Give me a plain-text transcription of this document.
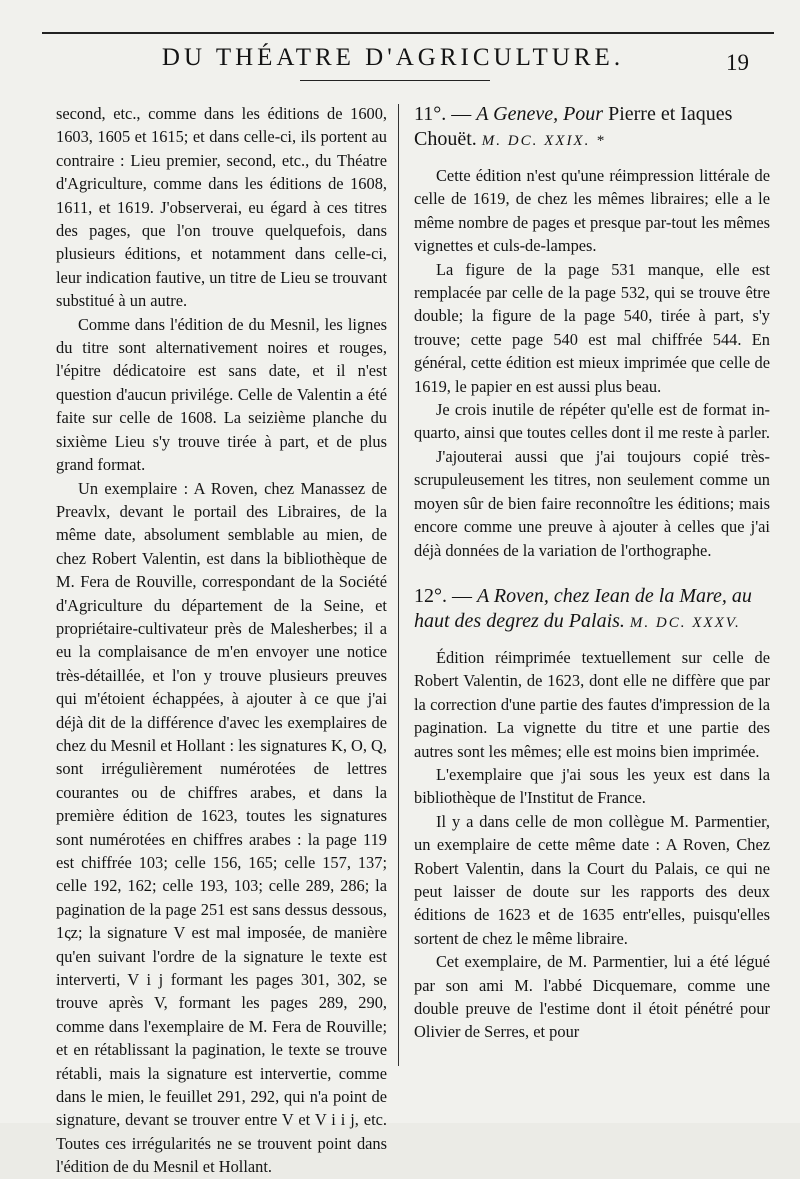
DU THÉATRE D'AGRICULTURE.	19

second, etc., comme dans les éditions de 1600, 1603, 1605 et 1615; et dans celle-ci, ils portent au contraire : Lieu premier, second, etc., du Théatre d'Agriculture, comme dans les éditions de 1608, 1611, et 1619. J'observerai, eu égard à ces titres des pages, que l'on trouve quelquefois, dans plusieurs éditions, et notamment dans celle-ci, leur indication fautive, un titre de Lieu se trouvant substitué à un autre.

Comme dans l'édition de du Mesnil, les lignes du titre sont alternativement noires et rouges, l'épitre dédicatoire est sans date, et il n'est question d'aucun privilége. Celle de Valentin a été faite sur celle de 1608. La seizième planche du sixième Lieu s'y trouve tirée à part, et de plus grand format.

Un exemplaire : A Roven, chez Manassez de Preavlx, devant le portail des Libraires, de la même date, absolument semblable au mien, de chez Robert Valentin, est dans la bibliothèque de M. Fera de Rouville, correspondant de la Société d'Agriculture du département de la Seine, et propriétaire-cultivateur près de Malesherbes; il a eu la complaisance de m'en envoyer une notice très-détaillée, et l'on y trouve plusieurs preuves qui m'étoient échappées, à ajouter à ce que j'ai déjà dit de la différence d'avec les exemplaires de chez du Mesnil et Hollant : les signatures K, O, Q, sont irrégulièrement numérotées de lettres courantes ou de chiffres arabes, et dans la première édition de 1623, toutes les signatures sont numérotées en chiffres arabes : la page 119 est chiffrée 103; celle 156, 165; celle 157, 137; celle 192, 162; celle 193, 103; celle 289, 286; la pagination de la page 251 est sans dessus dessous, 1ςz; la signature V est mal imposée, de manière qu'en suivant l'ordre de la signature le texte est interverti, V i j formant les pages 301, 302, se trouve après V, formant les pages 289, 290, comme dans l'exemplaire de M. Fera de Rouville; et en rétablissant la pagination, le texte se trouve rétabli, mais la signature est intervertie, comme dans le mien, le feuillet 291, 292, qui n'a point de signature, devant se trouver entre V et V i i j, etc. Toutes ces irrégularités ne se trouvent point dans l'édition de du Mesnil et Hollant.

11°. — A Geneve, Pour Pierre et Iaques Chouët. M. DC. XXIX. *

Cette édition n'est qu'une réimpression littérale de celle de 1619, de chez les mêmes libraires; elle a le même nombre de pages et presque par-tout les mêmes vignettes et culs-de-lampes.

La figure de la page 531 manque, elle est remplacée par celle de la page 532, qui se trouve être double; la figure de la page 540, tirée à part, s'y trouve; cette page 540 est mal chiffrée 544. En général, cette édition est mieux imprimée que celle de 1619, le papier en est aussi plus beau.

Je crois inutile de répéter qu'elle est de format in-quarto, ainsi que toutes celles dont il me reste à parler.

J'ajouterai aussi que j'ai toujours copié très-scrupuleusement les titres, non seulement comme un moyen sûr de bien faire reconnoître les éditions; mais encore comme une preuve à ajouter à celles que j'ai déjà données de la variation de l'orthographe.

12°. — A Roven, chez Iean de la Mare, au haut des degrez du Palais. M. DC. XXXV.

Édition réimprimée textuellement sur celle de Robert Valentin, de 1623, dont elle ne diffère que par la correction d'une partie des fautes d'impression de la pagination. La vignette du titre et une partie des autres sont les mêmes; elle est moins bien imprimée.

L'exemplaire que j'ai sous les yeux est dans la bibliothèque de l'Institut de France.

Il y a dans celle de mon collègue M. Parmentier, un exemplaire de cette même date : A Roven, Chez Robert Valentin, dans la Court du Palais, ce qui ne peut laisser de doute sur les rapports des deux éditions de 1623 et de 1635 entr'elles, puisqu'elles sortent de chez le même libraire.

Cet exemplaire, de M. Parmentier, lui a été légué par son ami M. l'abbé Dicquemare, comme une double preuve de l'estime dont il étoit pénétré pour Olivier de Serres, et pour
